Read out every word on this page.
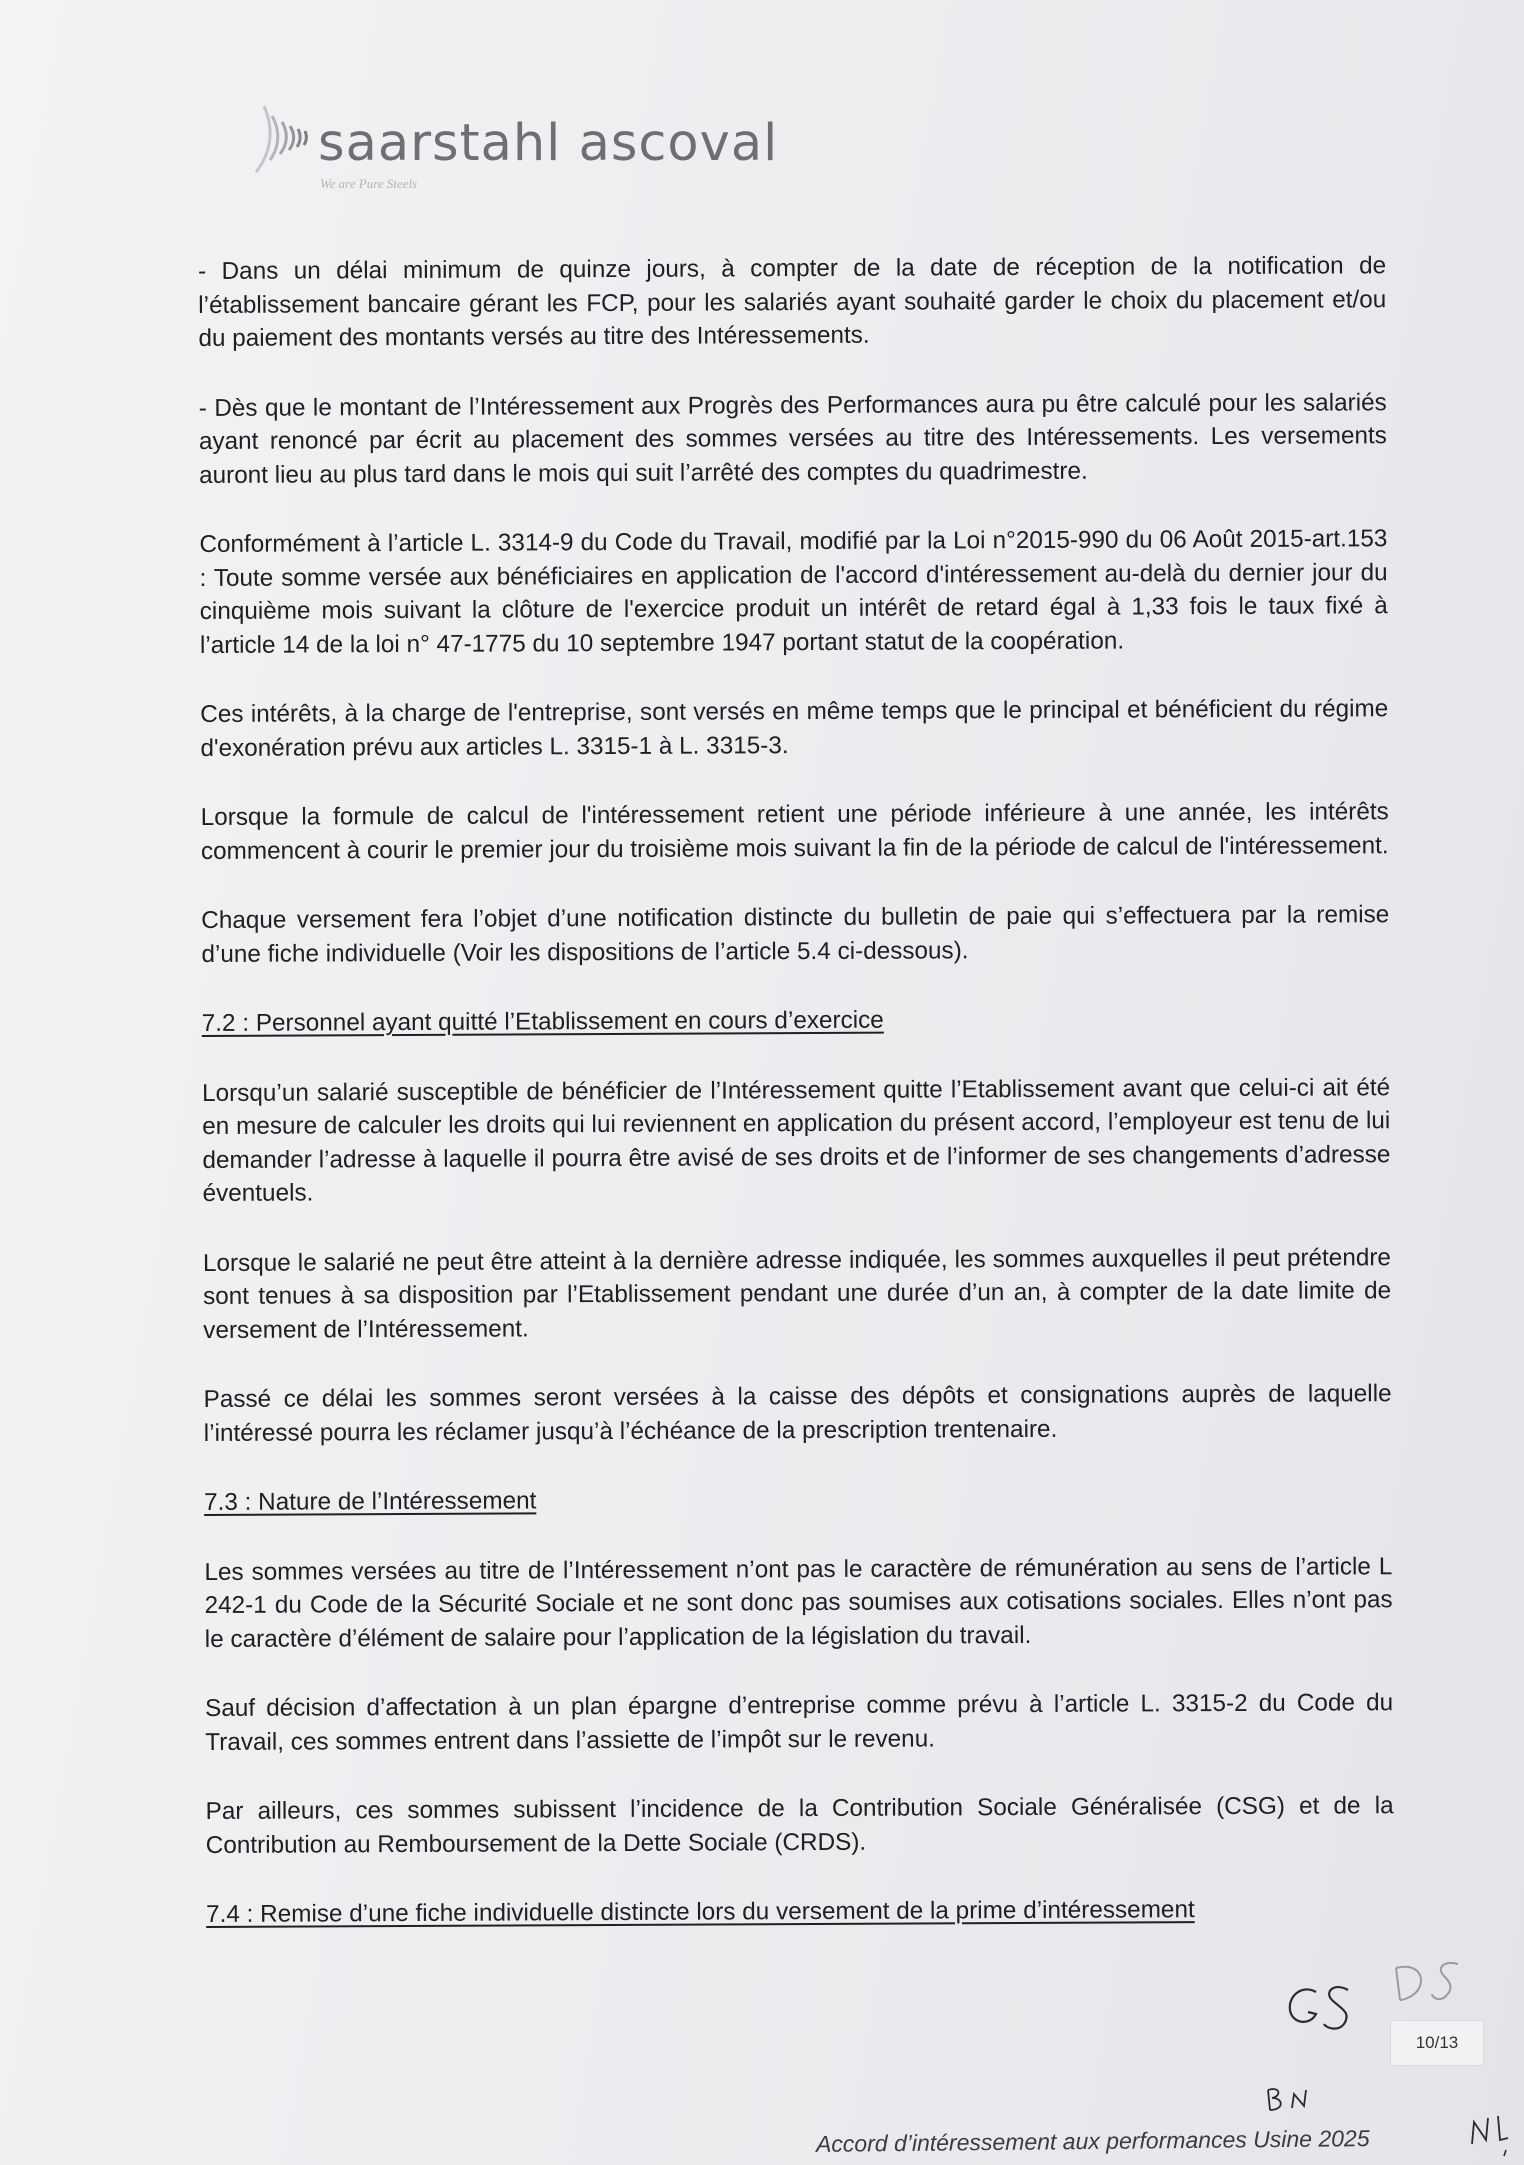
saarstahl ascoval
We are Pure Steels

- Dans un délai minimum de quinze jours, à compter de la date de réception de la notification de l’établissement bancaire gérant les FCP, pour les salariés ayant souhaité garder le choix du placement et/ou du paiement des montants versés au titre des Intéressements.

- Dès que le montant de l’Intéressement aux Progrès des Performances aura pu être calculé pour les salariés ayant renoncé par écrit au placement des sommes versées au titre des Intéressements. Les versements auront lieu au plus tard dans le mois qui suit l’arrêté des comptes du quadrimestre.

Conformément à l’article L. 3314-9 du Code du Travail, modifié par la Loi n°2015-990 du 06 Août 2015-art.153 : Toute somme versée aux bénéficiaires en application de l'accord d'intéressement au-delà du dernier jour du cinquième mois suivant la clôture de l'exercice produit un intérêt de retard égal à 1,33 fois le taux fixé à l’article 14 de la loi n° 47-1775 du 10 septembre 1947 portant statut de la coopération.

Ces intérêts, à la charge de l'entreprise, sont versés en même temps que le principal et bénéficient du régime d'exonération prévu aux articles L. 3315-1 à L. 3315-3.

Lorsque la formule de calcul de l'intéressement retient une période inférieure à une année, les intérêts commencent à courir le premier jour du troisième mois suivant la fin de la période de calcul de l'intéressement.

Chaque versement fera l’objet d’une notification distincte du bulletin de paie qui s’effectuera par la remise d’une fiche individuelle (Voir les dispositions de l’article 5.4 ci-dessous).

7.2 : Personnel ayant quitté l’Etablissement en cours d’exercice

Lorsqu’un salarié susceptible de bénéficier de l’Intéressement quitte l’Etablissement avant que celui-ci ait été en mesure de calculer les droits qui lui reviennent en application du présent accord, l’employeur est tenu de lui demander l’adresse à laquelle il pourra être avisé de ses droits et de l’informer de ses changements d’adresse éventuels.

Lorsque le salarié ne peut être atteint à la dernière adresse indiquée, les sommes auxquelles il peut prétendre sont tenues à sa disposition par l’Etablissement pendant une durée d’un an, à compter de la date limite de versement de l’Intéressement.

Passé ce délai les sommes seront versées à la caisse des dépôts et consignations auprès de laquelle l’intéressé pourra les réclamer jusqu’à l’échéance de la prescription trentenaire.

7.3 : Nature de l’Intéressement

Les sommes versées au titre de l’Intéressement n’ont pas le caractère de rémunération au sens de l’article L 242-1 du Code de la Sécurité Sociale et ne sont donc pas soumises aux cotisations sociales. Elles n’ont pas le caractère d’élément de salaire pour l’application de la législation du travail.

Sauf décision d’affectation à un plan épargne d’entreprise comme prévu à l’article L. 3315-2 du Code du Travail, ces sommes entrent dans l’assiette de l’impôt sur le revenu.

Par ailleurs, ces sommes subissent l’incidence de la Contribution Sociale Généralisée (CSG) et de la Contribution au Remboursement de la Dette Sociale (CRDS).

7.4 : Remise d’une fiche individuelle distincte lors du versement de la prime d’intéressement
10/13
Accord d’intéressement aux performances Usine 2025
